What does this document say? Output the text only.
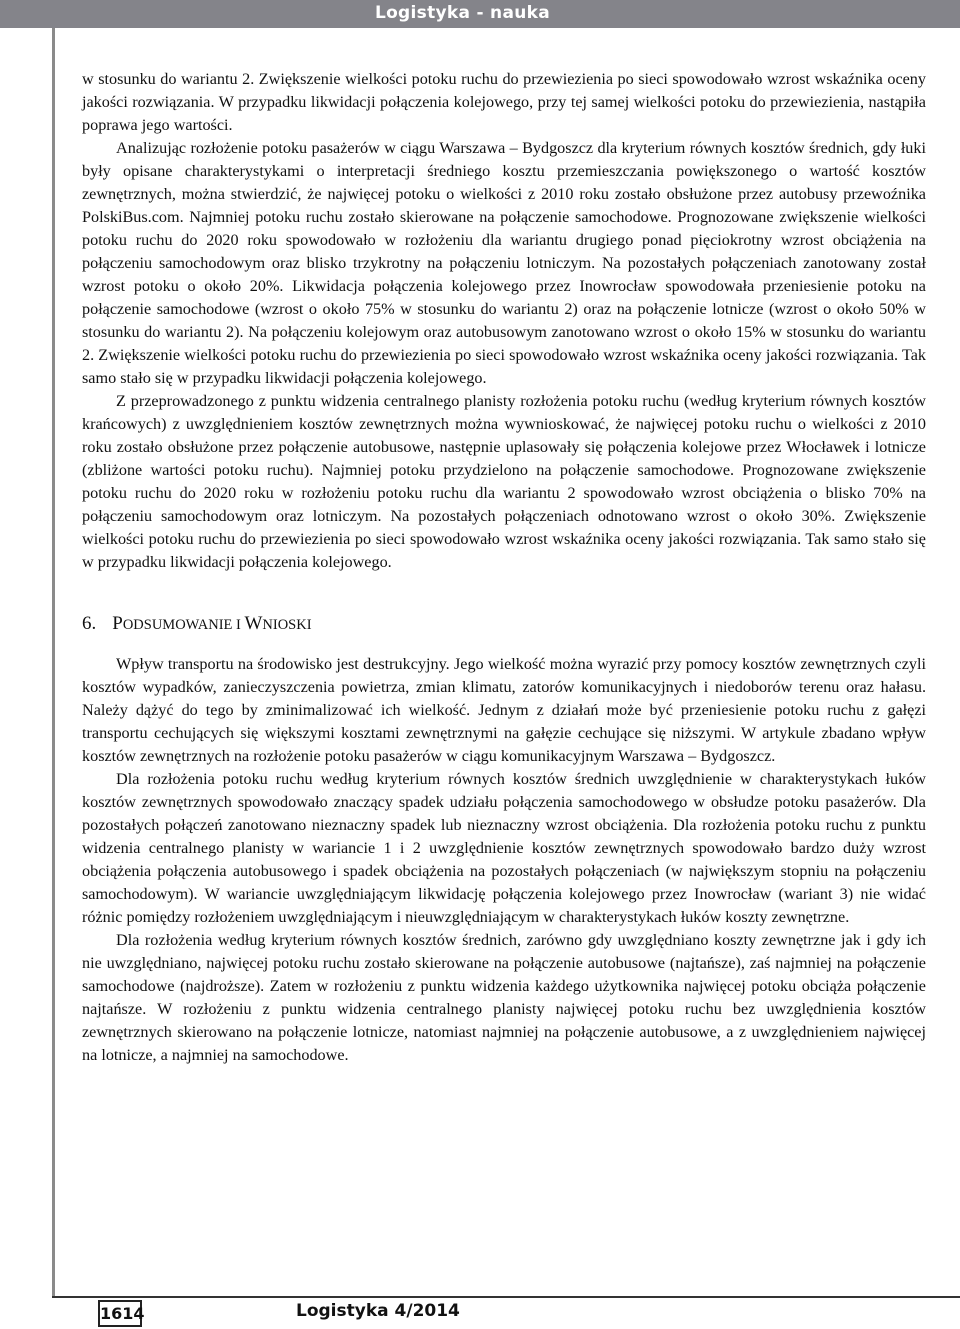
Logistyka - nauka

w stosunku do wariantu 2. Zwiększenie wielkości potoku ruchu do przewiezienia po sieci spowodowało wzrost wskaźnika oceny jakości rozwiązania. W przypadku likwidacji połączenia kolejowego, przy tej samej wielkości potoku do przewiezienia, nastąpiła poprawa jego wartości.

Analizując rozłożenie potoku pasażerów w ciągu Warszawa – Bydgoszcz dla kryterium równych kosztów średnich, gdy łuki były opisane charakterystykami o interpretacji średniego kosztu przemieszczania powiększonego o wartość kosztów zewnętrznych, można stwierdzić, że najwięcej potoku o wielkości z 2010 roku zostało obsłużone przez autobusy przewoźnika PolskiBus.com. Najmniej potoku ruchu zostało skierowane na połączenie samochodowe. Prognozowane zwiększenie wielkości potoku ruchu do 2020 roku spowodowało w rozłożeniu dla wariantu drugiego ponad pięciokrotny wzrost obciążenia na połączeniu samochodowym oraz blisko trzykrotny na połączeniu lotniczym. Na pozostałych połączeniach zanotowany został wzrost potoku o około 20%. Likwidacja połączenia kolejowego przez Inowrocław spowodowała przeniesienie potoku na połączenie samochodowe (wzrost o około 75% w stosunku do wariantu 2) oraz na połączenie lotnicze (wzrost o około 50% w stosunku do wariantu 2). Na połączeniu kolejowym oraz autobusowym zanotowano wzrost o około 15% w stosunku do wariantu 2. Zwiększenie wielkości potoku ruchu do przewiezienia po sieci spowodowało wzrost wskaźnika oceny jakości rozwiązania. Tak samo stało się w przypadku likwidacji połączenia kolejowego.

Z przeprowadzonego z punktu widzenia centralnego planisty rozłożenia potoku ruchu (według kryterium równych kosztów krańcowych) z uwzględnieniem kosztów zewnętrznych można wywnioskować, że najwięcej potoku ruchu o wielkości z 2010 roku zostało obsłużone przez połączenie autobusowe, następnie uplasowały się połączenia kolejowe przez Włocławek i lotnicze (zbliżone wartości potoku ruchu). Najmniej potoku przydzielono na połączenie samochodowe. Prognozowane zwiększenie potoku ruchu do 2020 roku w rozłożeniu potoku ruchu dla wariantu 2 spowodowało wzrost obciążenia o blisko 70% na połączeniu samochodowym oraz lotniczym. Na pozostałych połączeniach odnotowano wzrost o około 30%. Zwiększenie wielkości potoku ruchu do przewiezienia po sieci spowodowało wzrost wskaźnika oceny jakości rozwiązania. Tak samo stało się w przypadku likwidacji połączenia kolejowego.

6. PODSUMOWANIE I WNIOSKI

Wpływ transportu na środowisko jest destrukcyjny. Jego wielkość można wyrazić przy pomocy kosztów zewnętrznych czyli kosztów wypadków, zanieczyszczenia powietrza, zmian klimatu, zatorów komunikacyjnych i niedoborów terenu oraz hałasu. Należy dążyć do tego by zminimalizować ich wielkość. Jednym z działań może być przeniesienie potoku ruchu z gałęzi transportu cechujących się większymi kosztami zewnętrznymi na gałęzie cechujące się niższymi. W artykule zbadano wpływ kosztów zewnętrznych na rozłożenie potoku pasażerów w ciągu komunikacyjnym Warszawa – Bydgoszcz.

Dla rozłożenia potoku ruchu według kryterium równych kosztów średnich uwzględnienie w charakterystykach łuków kosztów zewnętrznych spowodowało znaczący spadek udziału połączenia samochodowego w obsłudze potoku pasażerów. Dla pozostałych połączeń zanotowano nieznaczny spadek lub nieznaczny wzrost obciążenia. Dla rozłożenia potoku ruchu z punktu widzenia centralnego planisty w wariancie 1 i 2 uwzględnienie kosztów zewnętrznych spowodowało bardzo duży wzrost obciążenia połączenia autobusowego i spadek obciążenia na pozostałych połączeniach (w największym stopniu na połączeniu samochodowym). W wariancie uwzględniającym likwidację połączenia kolejowego przez Inowrocław (wariant 3) nie widać różnic pomiędzy rozłożeniem uwzględniającym i nieuwzględniającym w charakterystykach łuków koszty zewnętrzne.

Dla rozłożenia według kryterium równych kosztów średnich, zarówno gdy uwzględniano koszty zewnętrzne jak i gdy ich nie uwzględniano, najwięcej potoku ruchu zostało skierowane na połączenie autobusowe (najtańsze), zaś najmniej na połączenie samochodowe (najdroższe). Zatem w rozłożeniu z punktu widzenia każdego użytkownika najwięcej potoku obciąża połączenie najtańsze. W rozłożeniu z punktu widzenia centralnego planisty najwięcej potoku ruchu bez uwzględnienia kosztów zewnętrznych skierowano na połączenie lotnicze, natomiast najmniej na połączenie autobusowe, a z uwzględnieniem najwięcej na lotnicze, a najmniej na samochodowe.

1614	Logistyka 4/2014
